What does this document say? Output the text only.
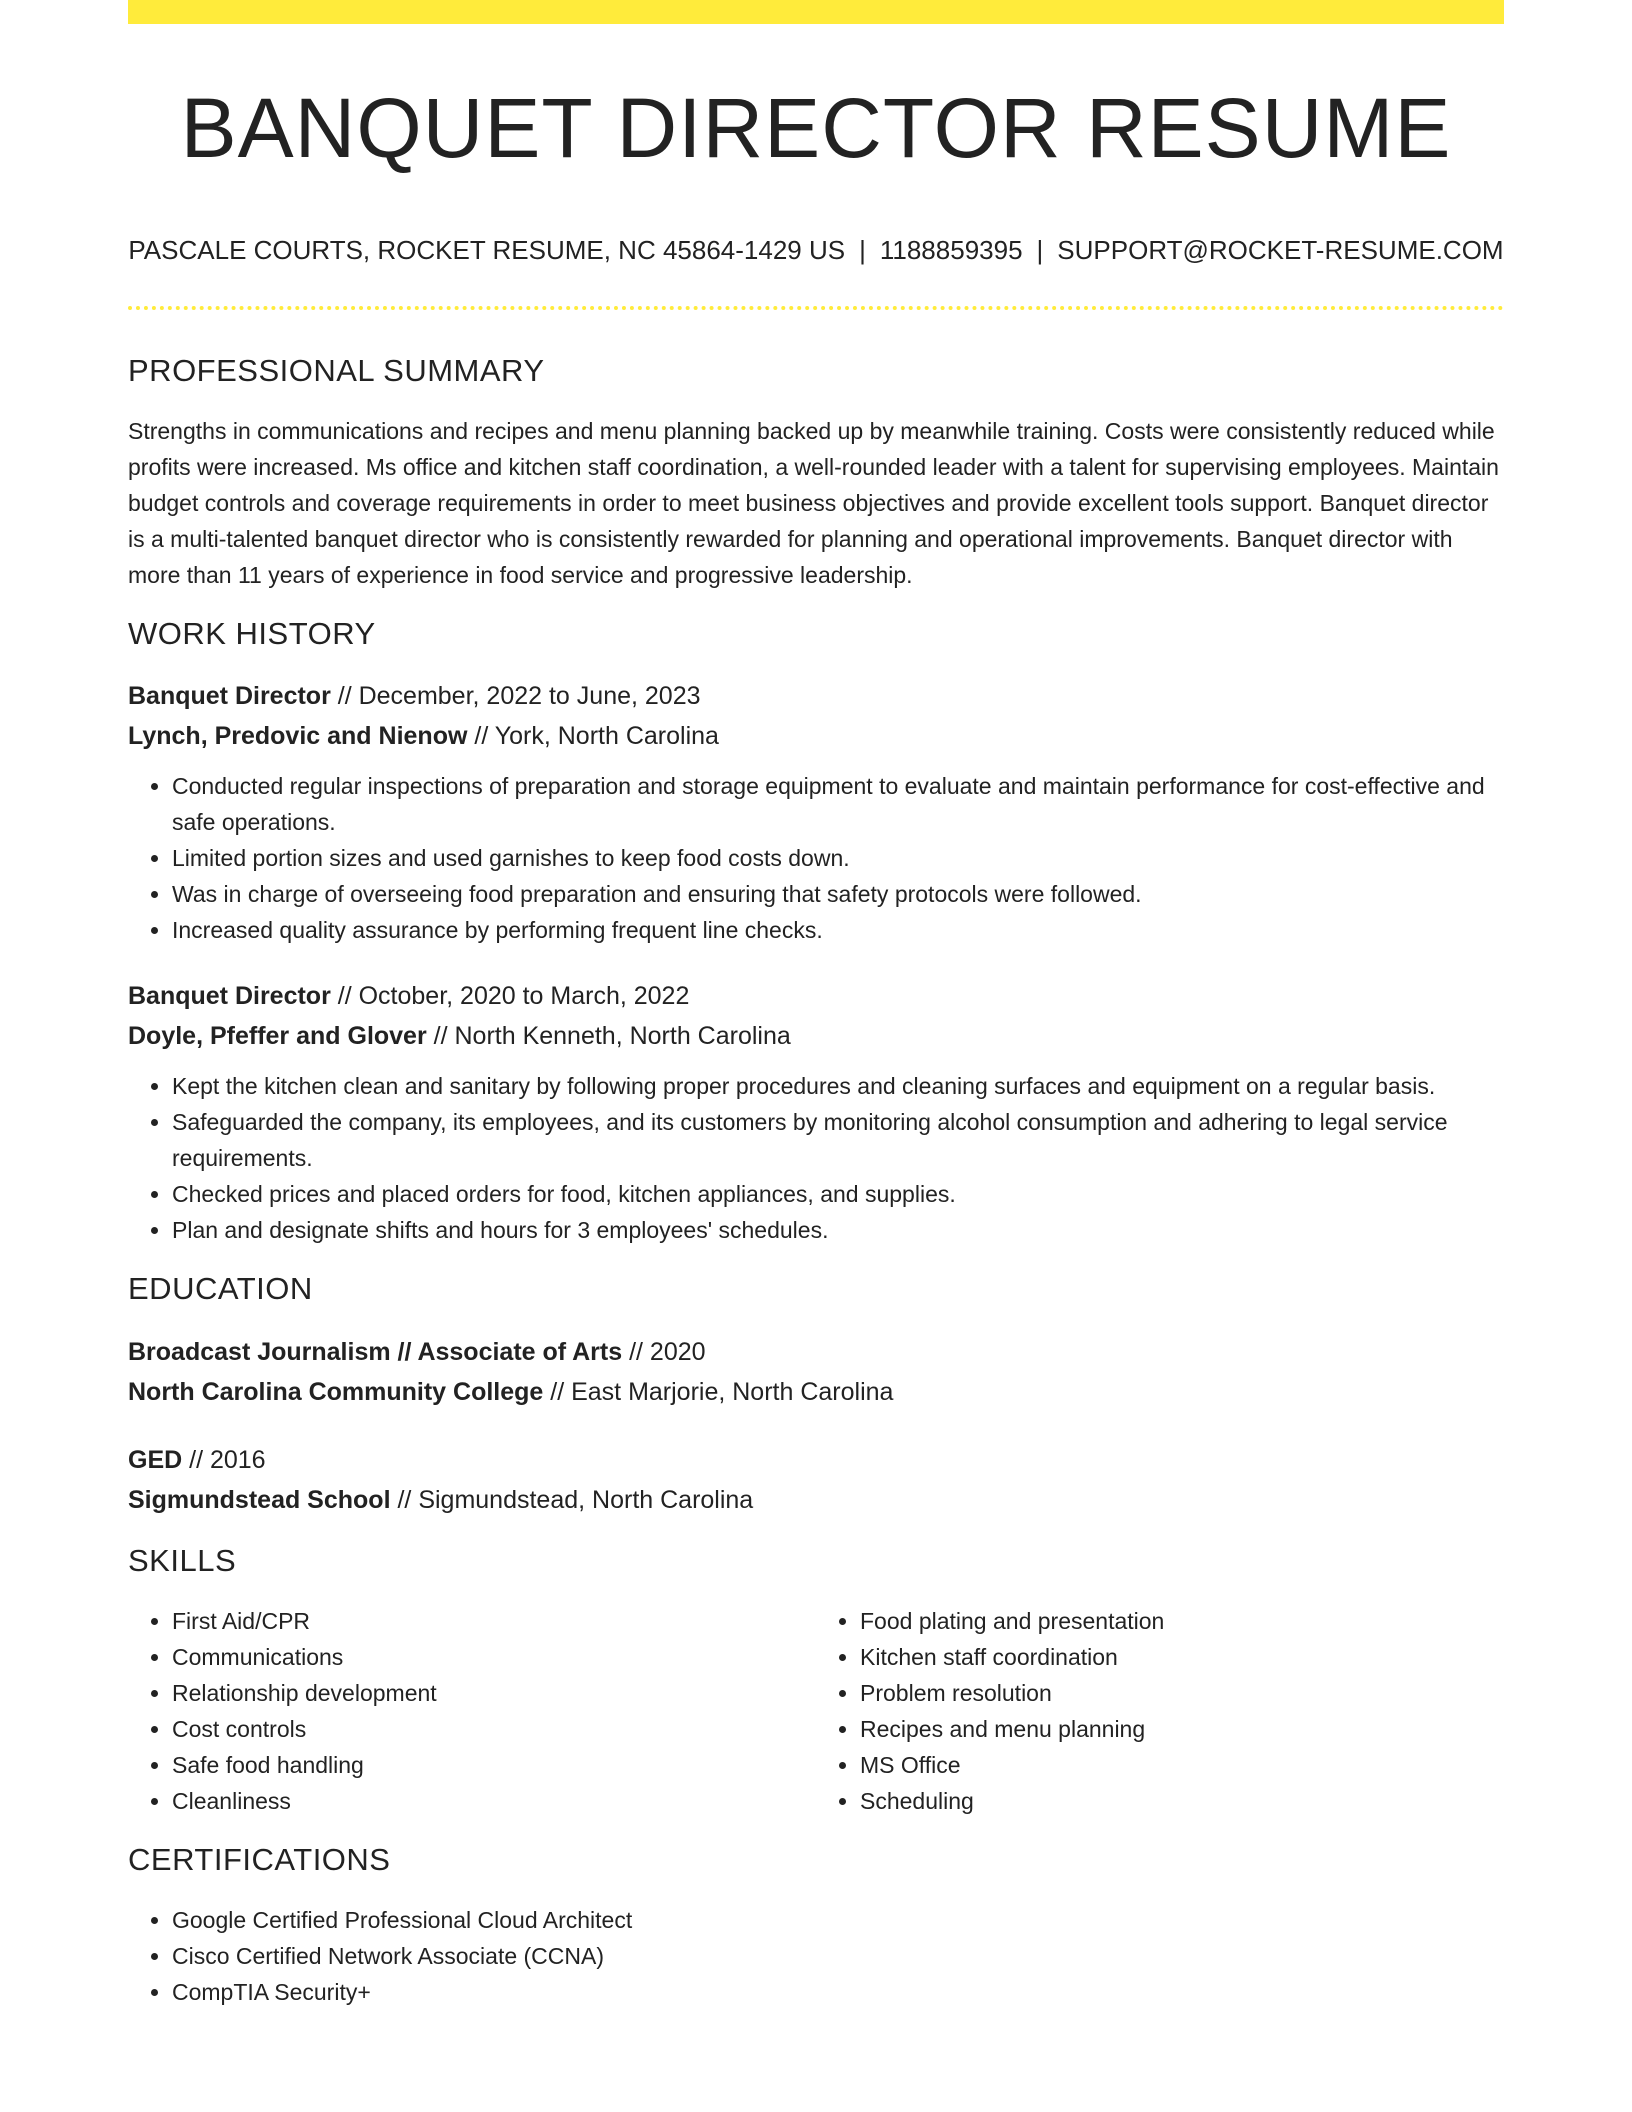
BANQUET DIRECTOR RESUME
PASCALE COURTS, ROCKET RESUME, NC 45864-1429 US | 1188859395 | SUPPORT@ROCKET-RESUME.COM
PROFESSIONAL SUMMARY

Strengths in communications and recipes and menu planning backed up by meanwhile training. Costs were consistently reduced while profits were increased. Ms office and kitchen staff coordination, a well-rounded leader with a talent for supervising employees. Maintain budget controls and coverage requirements in order to meet business objectives and provide excellent tools support. Banquet director is a multi-talented banquet director who is consistently rewarded for planning and operational improvements. Banquet director with more than 11 years of experience in food service and progressive leadership.

WORK HISTORY
Banquet Director // December, 2022 to June, 2023
Lynch, Predovic and Nienow // York, North Carolina
• Conducted regular inspections of preparation and storage equipment to evaluate and maintain performance for cost-effective and safe operations.
• Limited portion sizes and used garnishes to keep food costs down.
• Was in charge of overseeing food preparation and ensuring that safety protocols were followed.
• Increased quality assurance by performing frequent line checks.
Banquet Director // October, 2020 to March, 2022
Doyle, Pfeffer and Glover // North Kenneth, North Carolina
• Kept the kitchen clean and sanitary by following proper procedures and cleaning surfaces and equipment on a regular basis.
• Safeguarded the company, its employees, and its customers by monitoring alcohol consumption and adhering to legal service requirements.
• Checked prices and placed orders for food, kitchen appliances, and supplies.
• Plan and designate shifts and hours for 3 employees' schedules.
EDUCATION
Broadcast Journalism // Associate of Arts // 2020
North Carolina Community College // East Marjorie, North Carolina
GED // 2016
Sigmundstead School // Sigmundstead, North Carolina
SKILLS
• First Aid/CPR
• Communications
• Relationship development
• Cost controls
• Safe food handling
• Cleanliness
• Food plating and presentation
• Kitchen staff coordination
• Problem resolution
• Recipes and menu planning
• MS Office
• Scheduling
CERTIFICATIONS
• Google Certified Professional Cloud Architect
• Cisco Certified Network Associate (CCNA)
• CompTIA Security+
